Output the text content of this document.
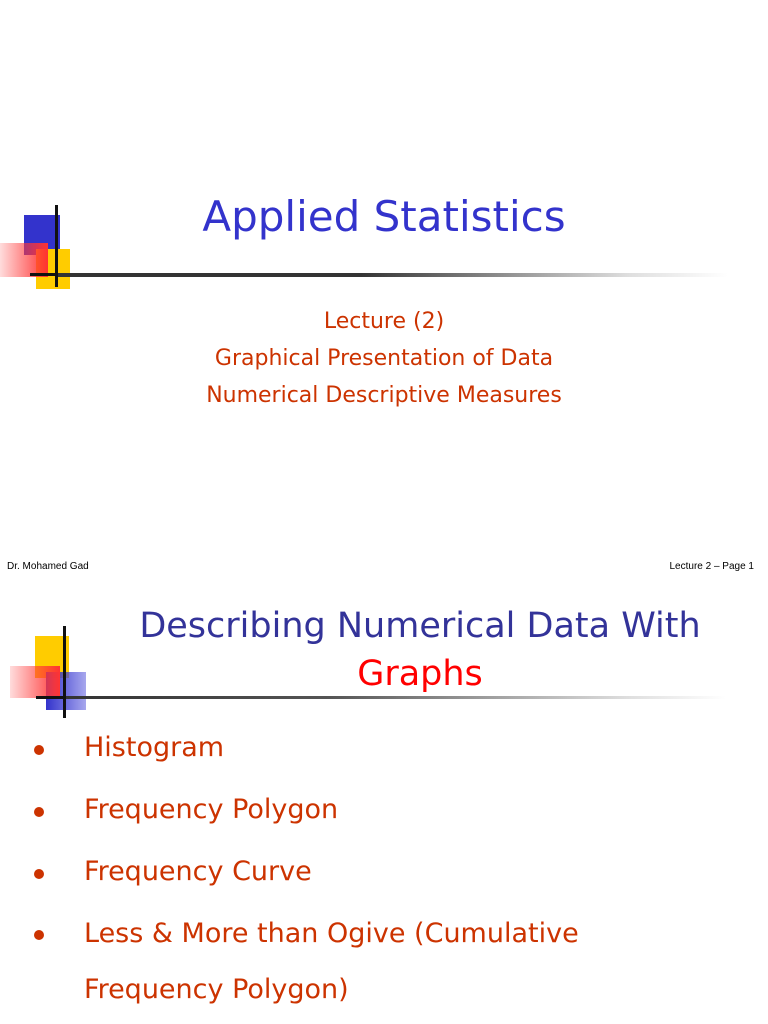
Applied Statistics
Lecture (2)
Graphical Presentation of Data
Numerical Descriptive Measures
Dr. Mohamed Gad	Lecture 2 – Page 1
Describing Numerical Data With
Graphs
Histogram
Frequency Polygon
Frequency Curve
Less & More than Ogive (Cumulative
Frequency Polygon)
